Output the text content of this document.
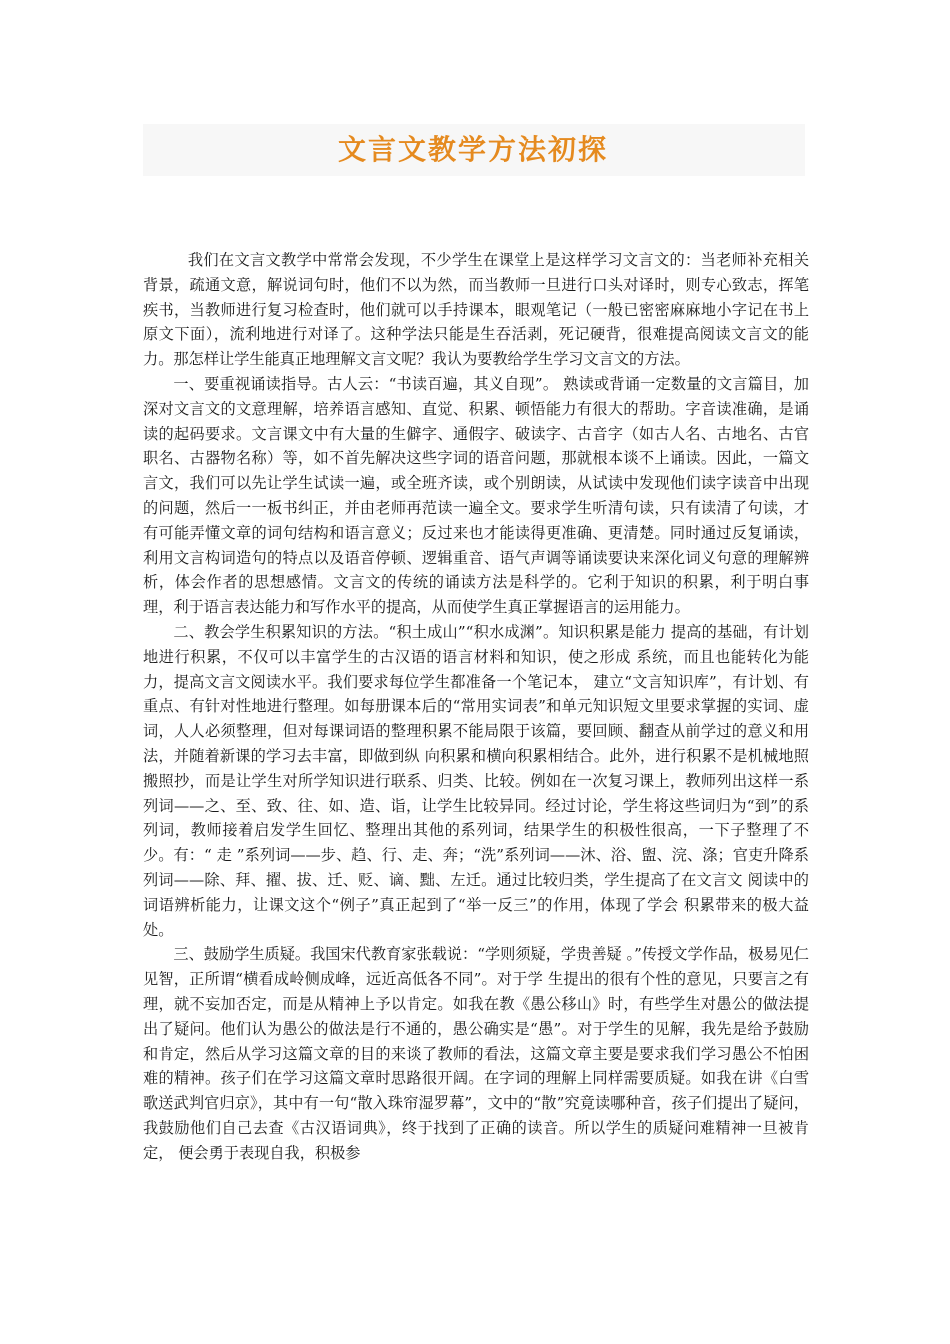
文言文教学方法初探

我们在文言文教学中常常会发现，不少学生在课堂上是这样学习文言文的：当老师补充相关背景，疏通文意，解说词句时，他们不以为然，而当教师一旦进行口头对译时，则专心致志，挥笔疾书，当教师进行复习检查时，他们就可以手持课本，眼观笔记（一般已密密麻麻地小字记在书上原文下面），流利地进行对译了。这种学法只能是生吞活剥，死记硬背，很难提高阅读文言文的能力。那怎样让学生能真正地理解文言文呢？我认为要教给学生学习文言文的方法。

一、要重视诵读指导。古人云：“书读百遍，其义自现”。 熟读或背诵一定数量的文言篇目，加深对文言文的文意理解，培养语言感知、直觉、积累、顿悟能力有很大的帮助。字音读准确，是诵读的起码要求。文言课文中有大量的生僻字、通假字、破读字、古音字（如古人名、古地名、古官职名、古器物名称）等，如不首先解决这些字词的语音问题，那就根本谈不上诵读。因此，一篇文言文，我们可以先让学生试读一遍，或全班齐读，或个别朗读，从试读中发现他们读字读音中出现的问题，然后一一板书纠正，并由老师再范读一遍全文。要求学生听清句读，只有读清了句读，才有可能弄懂文章的词句结构和语言意义；反过来也才能读得更准确、更清楚。同时通过反复诵读，利用文言构词造句的特点以及语音停顿、逻辑重音、语气声调等诵读要诀来深化词义句意的理解辨析，体会作者的思想感情。文言文的传统的诵读方法是科学的。它利于知识的积累，利于明白事理，利于语言表达能力和写作水平的提高，从而使学生真正掌握语言的运用能力。

二、教会学生积累知识的方法。“积土成山”“积水成渊”。知识积累是能力 提高的基础，有计划地进行积累，不仅可以丰富学生的古汉语的语言材料和知识，使之形成 系统，而且也能转化为能力，提高文言文阅读水平。我们要求每位学生都准备一个笔记本， 建立“文言知识库”，有计划、有重点、有针对性地进行整理。如每册课本后的“常用实词表”和单元知识短文里要求掌握的实词、虚词，人人必须整理，但对每课词语的整理积累不能局限于该篇，要回顾、翻查从前学过的意义和用法，并随着新课的学习去丰富，即做到纵 向积累和横向积累相结合。此外，进行积累不是机械地照搬照抄，而是让学生对所学知识进行联系、归类、比较。例如在一次复习课上，教师列出这样一系列词——之、至、致、往、如、造、诣，让学生比较异同。经过讨论，学生将这些词归为“到”的系列词，教师接着启发学生回忆、整理出其他的系列词，结果学生的积极性很高，一下子整理了不少。有：“ 走 ”系列词——步、趋、行、走、奔；“洗”系列词——沐、浴、盥、浣、涤；官吏升降系 列词——除、拜、擢、拔、迁、贬、谪、黜、左迁。通过比较归类，学生提高了在文言文 阅读中的词语辨析能力，让课文这个“例子”真正起到了“举一反三”的作用，体现了学会 积累带来的极大益处。

三、鼓励学生质疑。我国宋代教育家张载说：“学则须疑，学贵善疑 。”传授文学作品，极易见仁见智，正所谓“横看成岭侧成峰，远近高低各不同”。对于学 生提出的很有个性的意见，只要言之有理，就不妄加否定，而是从精神上予以肯定。如我在教《愚公移山》时，有些学生对愚公的做法提出了疑问。他们认为愚公的做法是行不通的，愚公确实是“愚”。对于学生的见解，我先是给予鼓励和肯定，然后从学习这篇文章的目的来谈了教师的看法，这篇文章主要是要求我们学习愚公不怕困难的精神。孩子们在学习这篇文章时思路很开阔。在字词的理解上同样需要质疑。如我在讲《白雪歌送武判官归京》，其中有一句“散入珠帘湿罗幕”，文中的“散”究竟读哪种音，孩子们提出了疑问，我鼓励他们自己去查《古汉语词典》，终于找到了正确的读音。所以学生的质疑问难精神一旦被肯定， 便会勇于表现自我，积极参
